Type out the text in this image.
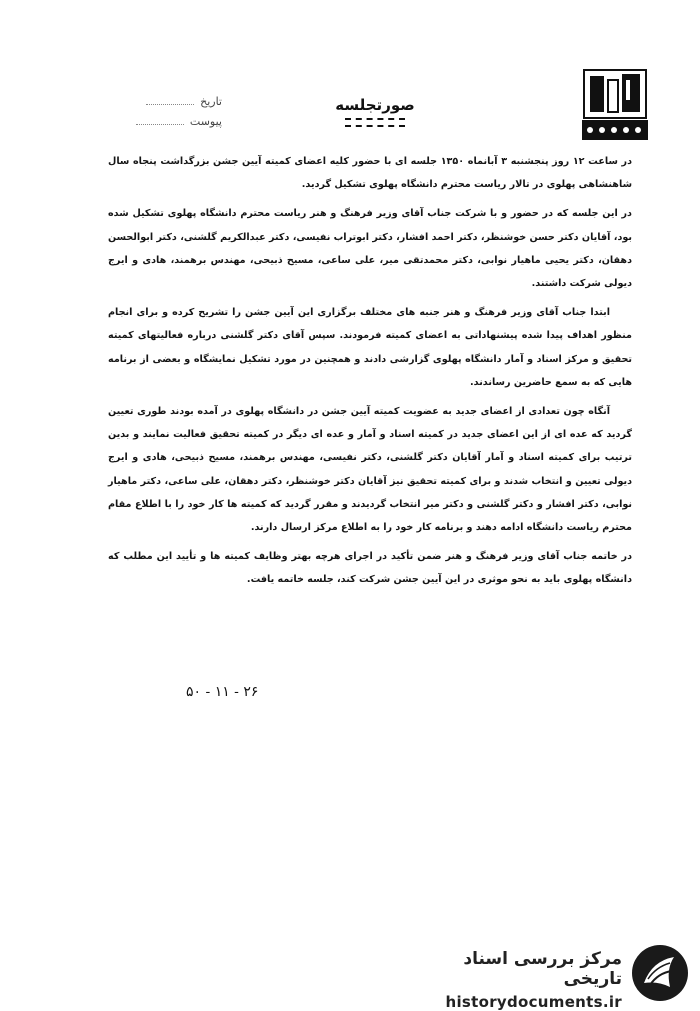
تاریخ
پیوست
صورتجلسه

در ساعت ۱۲ روز پنجشنبه ۳ آبانماه ۱۳۵۰ جلسه ای با حضور کلیه اعضای کمیته آیین جشن بزرگداشت پنجاه سال شاهنشاهی پهلوی در تالار ریاست محترم دانشگاه پهلوی تشکیل گردید.

در این جلسه که در حضور و با شرکت جناب آقای وزیر فرهنگ و هنر ریاست محترم دانشگاه پهلوی تشکیل شده بود، آقایان دکتر حسن خوشنظر، دکتر احمد افشار، دکتر ابوتراب نفیسی، دکتر عبدالکریم گلشنی، دکتر ابوالحسن دهقان، دکتر یحیی ماهیار نوابی، دکتر محمدتقی میر، علی ساعی، مسیح ذبیحی، مهندس برهمند، هادی و ایرج دیولی شرکت داشتند.

ابتدا جناب آقای وزیر فرهنگ و هنر جنبه های مختلف برگزاری این آیین جشن را تشریح کرده و برای انجام منظور اهداف پیدا شده پیشنهاداتی به اعضای کمیته فرمودند. سپس آقای دکتر گلشنی درباره فعالیتهای کمیته تحقیق و مرکز اسناد و آمار دانشگاه پهلوی گزارشی دادند و همچنین در مورد تشکیل نمایشگاه و بعضی از برنامه هایی که به سمع حاضرین رساندند.

آنگاه چون تعدادی از اعضای جدید به عضویت کمیته آیین جشن در دانشگاه پهلوی در آمده بودند طوری تعیین گردید که عده ای از این اعضای جدید در کمیته اسناد و آمار و عده ای دیگر در کمیته تحقیق فعالیت نمایند و بدین ترتیب برای کمیته اسناد و آمار آقایان دکتر گلشنی، دکتر نفیسی، مهندس برهمند، مسیح ذبیحی، هادی و ایرج دیولی تعیین و انتخاب شدند و برای کمیته تحقیق نیز آقایان دکتر خوشنظر، دکتر دهقان، علی ساعی، دکتر ماهیار نوابی، دکتر افشار و دکتر گلشنی و دکتر میر انتخاب گردیدند و مقرر گردید که کمیته ها کار خود را با اطلاع مقام محترم ریاست دانشگاه ادامه دهند و برنامه کار خود را به اطلاع مرکز ارسال دارند.

در خاتمه جناب آقای وزیر فرهنگ و هنر ضمن تأکید در اجرای هرچه بهتر وظایف کمیته ها و تأیید این مطلب که دانشگاه پهلوی باید به نحو موثری در این آیین جشن شرکت کند، جلسه خاتمه یافت.

۲۶ - ۱۱ - ۵۰
مرکز بررسی اسناد تاریخی
historydocuments.ir
